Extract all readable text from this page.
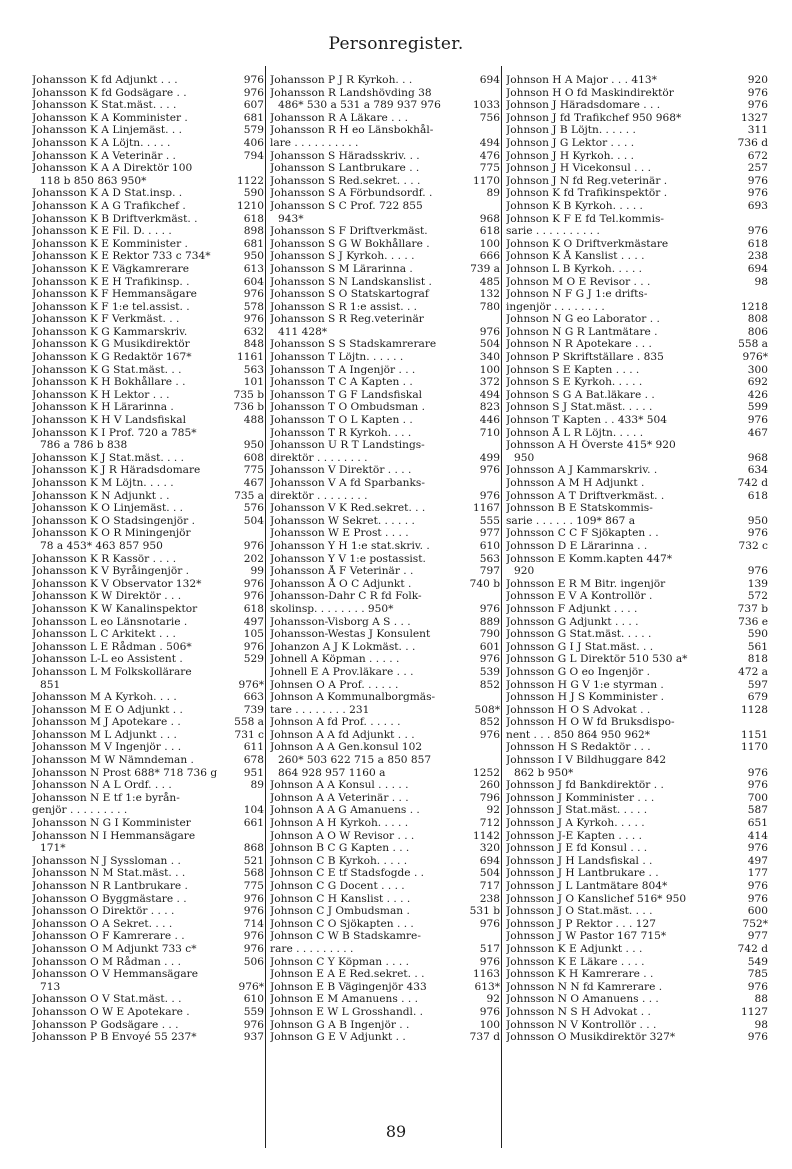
Personregister.
Johansson K fd Adjunkt . . .	976
Johansson K fd Godsägare . .	976
Johansson K Stat.mäst. . . .	607
Johansson K A Komminister .	681
Johansson K A Linjemäst. . .	579
Johansson K A Löjtn. . . . .	406
Johansson K A Veterinär . .	794
Johansson K A A Direktör 100
118 b 850 863 950*	1122
Johansson K A D Stat.insp. .	590
Johansson K A G Trafikchef .	1210
Johansson K B Driftverkmäst. .	618
Johansson K E Fil. D. . . . .	898
Johansson K E Komminister .	681
Johansson K E Rektor 733 c 734*	950
Johansson K E Vägkamrerare	613
Johansson K E H Trafikinsp. .	604
Johansson K F Hemmansägare	976
Johansson K F 1:e tel.assist. .	578
Johansson K F Verkmäst. . .	976
Johansson K G Kammarskriv.	632
Johansson K G Musikdirektör	848
Johansson K G Redaktör 167*	1161
Johansson K G Stat.mäst. . .	563
Johansson K H Bokhållare . .	101
Johansson K H Lektor . . .	735 b
Johansson K H Lärarinna .	736 b
Johansson K H V Landsfiskal	488
Johansson K I Prof. 720 a 785*
786 a 786 b 838	950
Johansson K J Stat.mäst. . . .	608
Johansson K J R Häradsdomare	775
Johansson K M Löjtn. . . . .	467
Johansson K N Adjunkt . .	735 a
Johansson K O Linjemäst. . .	576
Johansson K O Stadsingenjör .	504
Johansson K O R Miningenjör
78 a 453* 463 857 950	976
Johansson K R Kassör . . . .	202
Johansson K V Byråingenjör .	99
Johansson K V Observator 132*	976
Johansson K W Direktör . . .	976
Johansson K W Kanalinspektor	618
Johansson L eo Länsnotarie .	497
Johansson L C Arkitekt . . .	105
Johansson L E Rådman . 506*	976
Johansson L-L eo Assistent .	529
Johansson L M Folkskollärare
851	976*
Johansson M A Kyrkoh. . . .	663
Johansson M E O Adjunkt . .	739
Johansson M J Apotekare . .	558 a
Johansson M L Adjunkt . . .	731 c
Johansson M V Ingenjör . . .	611
Johansson M W Nämndeman .	678
Johansson N Prost 688* 718 736 g	951
Johansson N A L Ordf. . . .	89
Johansson N E tf 1:e byrån-
genjör . . . . . . . . .	104
Johansson N G I Komminister	661
Johansson N I Hemmansägare
171*	868
Johansson N J Syssloman . .	521
Johansson N M Stat.mäst. . .	568
Johansson N R Lantbrukare .	775
Johansson O Byggmästare . .	976
Johansson O Direktör . . . .	976
Johansson O A Sekret. . . .	714
Johansson O F Kamrerare . .	976
Johansson O M Adjunkt 733 c*	976
Johansson O M Rådman . . .	506
Johansson O V Hemmansägare
713	976*
Johansson O V Stat.mäst. . .	610
Johansson O W E Apotekare .	559
Johansson P Godsägare . . .	976
Johansson P B Envoyé 55 237*	937
Johansson P J R Kyrkoh. . .	694
Johansson R Landshövding 38
486* 530 a 531 a 789 937 976	1033
Johansson R A Läkare . . .	756
Johansson R H eo Länsbokhål-
lare . . . . . . . . . .	494
Johansson S Häradsskriv. . .	476
Johansson S Lantbrukare . .	775
Johansson S Red.sekret. . . .	1170
Johansson S A Förbundsordf. .	89
Johansson S C Prof. 722 855
943*	968
Johansson S F Driftverkmäst.	618
Johansson S G W Bokhållare .	100
Johansson S J Kyrkoh. . . . .	666
Johansson S M Lärarinna .	739 a
Johansson S N Landskanslist .	485
Johansson S O Statskartograf	132
Johansson S R 1:e assist. . .	780
Johansson S R Reg.veterinär
411 428*	976
Johansson S S Stadskamrerare	504
Johansson T Löjtn. . . . . .	340
Johansson T A Ingenjör . . .	100
Johansson T C A Kapten . .	372
Johansson T G F Landsfiskal	494
Johansson T O Ombudsman .	823
Johansson T O L Kapten . .	446
Johansson T R Kyrkoh. . . .	710
Johansson U R T Landstings-
direktör . . . . . . . .	499
Johansson V Direktör . . . .	976
Johansson V A fd Sparbanks-
direktör . . . . . . . .	976
Johansson V K Red.sekret. . .	1167
Johansson W Sekret. . . . . .	555
Johansson W E Prost . . . .	977
Johansson Y H 1:e stat.skriv. .	610
Johansson Y V 1:e postassist.	563
Johansson Å F Veterinär . .	797
Johansson Å O C Adjunkt .	740 b
Johansson-Dahr C R fd Folk-
skolinsp. . . . . . . . 950*	976
Johansson-Visborg A S . . .	889
Johansson-Westas J Konsulent	790
Johanzon A J K Lokmäst. . .	601
Johnell A Köpman . . . . .	976
Johnell E A Prov.läkare . . .	539
Johnsen O A Prof. . . . . .	852
Johnson A Kommunalborgmäs-
tare . . . . . . . . 231	508*
Johnson A fd Prof. . . . . .	852
Johnson A A fd Adjunkt . . .	976
Johnson A A Gen.konsul 102
260* 503 622 715 a 850 857
864 928 957 1160 a	1252
Johnson A A Konsul . . . . .	260
Johnson A A Veterinär . . .	796
Johnson A A G Amanuens . .	92
Johnson A H Kyrkoh. . . . .	712
Johnson A O W Revisor . . .	1142
Johnson B C G Kapten . . .	320
Johnson C B Kyrkoh. . . . .	694
Johnson C E tf Stadsfogde . .	504
Johnson C G Docent . . . .	717
Johnson C H Kanslist . . . .	238
Johnson C J Ombudsman .	531 b
Johnson C O Sjökapten . . .	976
Johnson C W B Stadskamre-
rare . . . . . . . . .	517
Johnson C Y Köpman . . . .	976
Johnson E A E Red.sekret. . .	1163
Johnson E B Vägingenjör 433	613*
Johnson E M Amanuens . . .	92
Johnson E W L Grosshandl. .	976
Johnson G A B Ingenjör . .	100
Johnson G E V Adjunkt . .	737 d
Johnson H A Major . . . 413*	920
Johnson H O fd Maskindirektör	976
Johnson J Häradsdomare . . .	976
Johnson J fd Trafikchef 950 968*	1327
Johnson J B Löjtn. . . . . .	311
Johnson J G Lektor . . . .	736 d
Johnson J H Kyrkoh. . . .	672
Johnson J H Vicekonsul . . .	257
Johnson J N fd Reg.veterinär .	976
Johnson K fd Trafikinspektör .	976
Johnson K B Kyrkoh. . . . .	693
Johnson K F E fd Tel.kommis-
sarie . . . . . . . . . .	976
Johnson K O Driftverkmästare	618
Johnson K Å Kanslist . . . .	238
Johnson L B Kyrkoh. . . . .	694
Johnson M O E Revisor . . .	98
Johnson N F G J 1:e drifts-
ingenjör . . . . . . . .	1218
Johnson N G eo Laborator . .	808
Johnson N G R Lantmätare .	806
Johnson N R Apotekare . . .	558 a
Johnson P Skriftställare . 835	976*
Johnson S E Kapten . . . .	300
Johnson S E Kyrkoh. . . . .	692
Johnson S G A Bat.läkare . .	426
Johnson S J Stat.mäst. . . . .	599
Johnson T Kapten . . 433* 504	976
Johnson Å L R Löjtn. . . . .	467
Johnsson A H Överste 415* 920
950	968
Johnsson A J Kammarskriv. .	634
Johnsson A M H Adjunkt .	742 d
Johnsson A T Driftverkmäst. .	618
Johnsson B E Statskommis-
sarie . . . . . . 109* 867 a	950
Johnsson C C F Sjökapten . .	976
Johnsson D E Lärarinna . .	732 c
Johnsson E Komm.kapten 447*
920	976
Johnsson E R M Bitr. ingenjör	139
Johnsson E V A Kontrollör .	572
Johnsson F Adjunkt . . . .	737 b
Johnsson G Adjunkt . . . .	736 e
Johnsson G Stat.mäst. . . . .	590
Johnsson G I J Stat.mäst. . .	561
Johnsson G L Direktör 510 530 a*	818
Johnsson G O eo Ingenjör .	472 a
Johnsson H G V 1:e styrman .	597
Johnsson H J S Komminister .	679
Johnsson H O S Advokat . .	1128
Johnsson H O W fd Bruksdispo-
nent . . . 850 864 950 962*	1151
Johnsson H S Redaktör . . .	1170
Johnsson I V Bildhuggare 842
862 b 950*	976
Johnsson J fd Bankdirektör . .	976
Johnsson J Komminister . . .	700
Johnsson J Stat.mäst. . . . .	587
Johnsson J A Kyrkoh. . . . .	651
Johnsson J-E Kapten . . . .	414
Johnsson J E fd Konsul . . .	976
Johnsson J H Landsfiskal . .	497
Johnsson J H Lantbrukare . .	177
Johnsson J L Lantmätare 804*	976
Johnsson J O Kanslichef 516* 950	976
Johnsson J O Stat.mäst. . . .	600
Johnsson J P Rektor . . . 127	752*
Johnsson J W Pastor 167 715*	977
Johnsson K E Adjunkt . . .	742 d
Johnsson K E Läkare . . . .	549
Johnsson K H Kamrerare . .	785
Johnsson N N fd Kamrerare .	976
Johnsson N O Amanuens . . .	88
Johnsson N S H Advokat . .	1127
Johnsson N V Kontrollör . . .	98
Johnsson O Musikdirektör 327*	976
89
